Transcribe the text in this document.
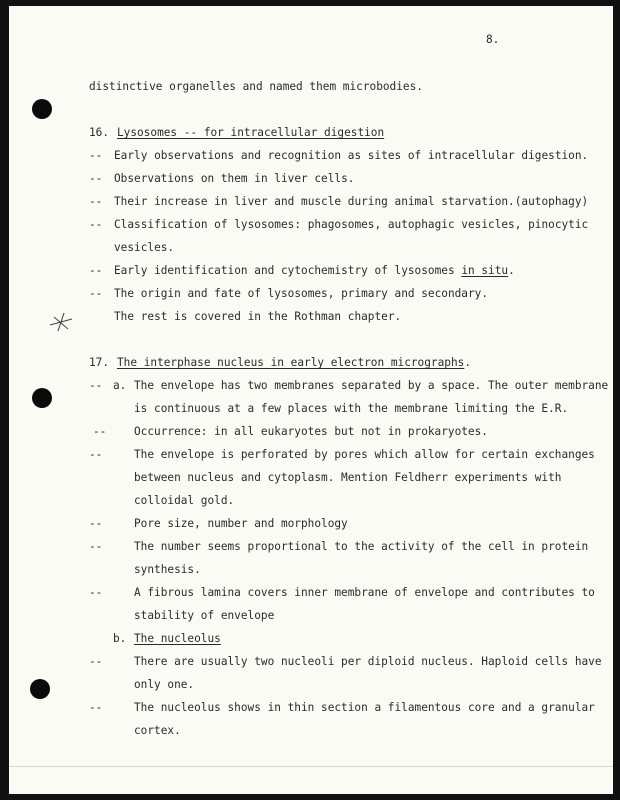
8.
distinctive organelles and named them microbodies.
16. Lysosomes -- for intracellular digestion
-- Early observations and recognition as sites of intracellular digestion.
-- Observations on them in liver cells.
-- Their increase in liver and muscle during animal starvation.(autophagy)
-- Classification of lysosomes: phagosomes, autophagic vesicles, pinocytic
vesicles.
-- Early identification and cytochemistry of lysosomes in situ.
-- The origin and fate of lysosomes, primary and secondary.
The rest is covered in the Rothman chapter.
17. The interphase nucleus in early electron micrographs.
-- a. The envelope has two membranes separated by a space. The outer membrane
is continuous at a few places with the membrane limiting the E.R.
-- Occurrence: in all eukaryotes but not in prokaryotes.
--	The envelope is perforated by pores which allow for certain exchanges
between nucleus and cytoplasm. Mention Feldherr experiments with
colloidal gold.
--	Pore size, number and morphology
--	The number seems proportional to the activity of the cell in protein
synthesis.
--	A fibrous lamina covers inner membrane of envelope and contributes to
stability of envelope
b. The nucleolus
--	There are usually two nucleoli per diploid nucleus. Haploid cells have
only one.
--	The nucleolus shows in thin section a filamentous core and a granular
cortex.
